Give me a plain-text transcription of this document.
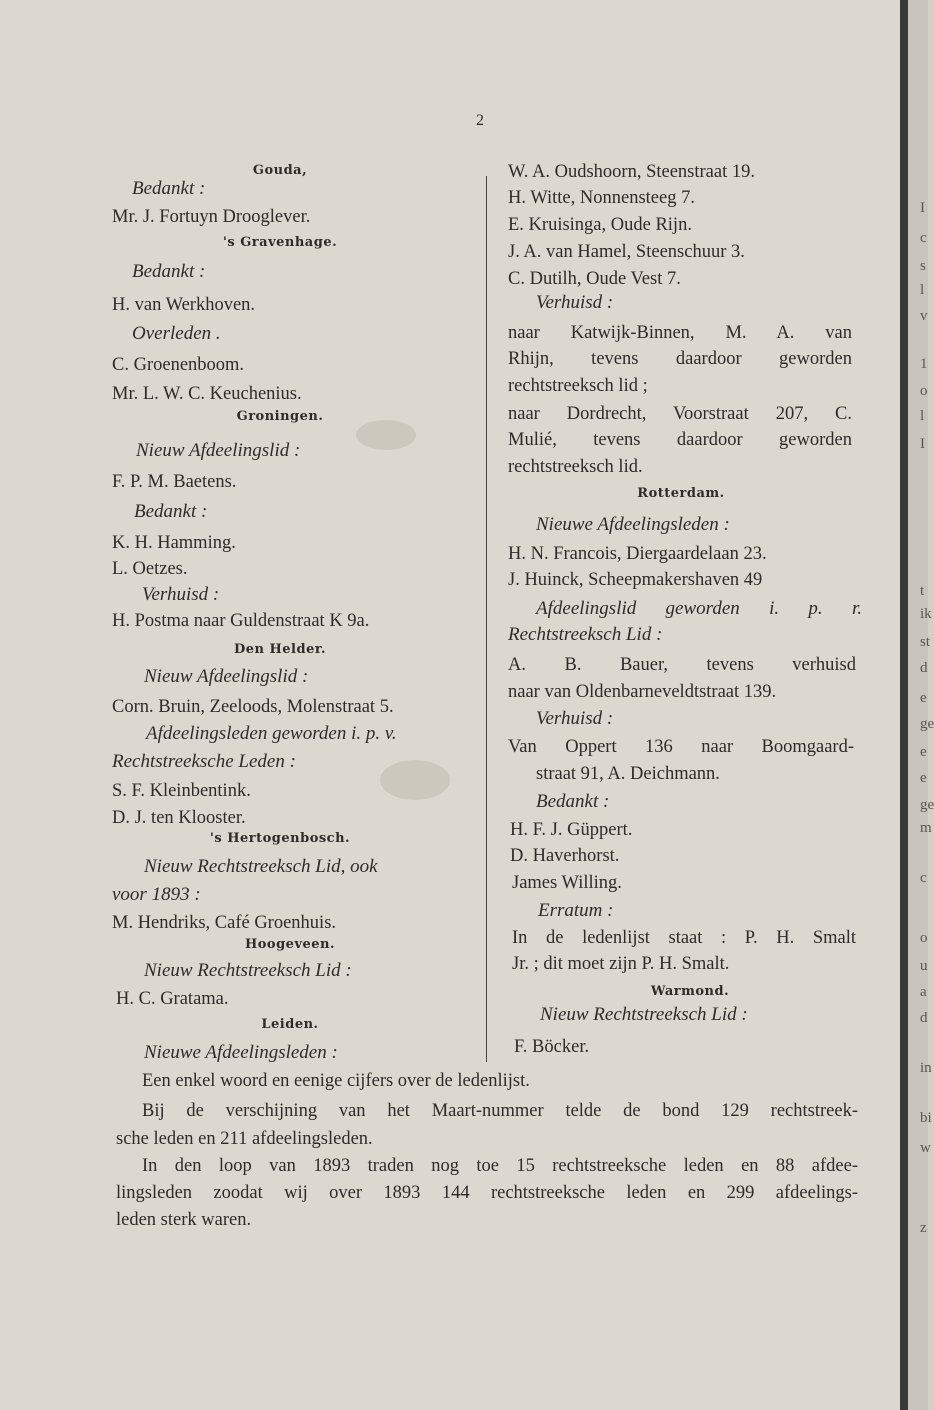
2
Gouda,
Bedankt :
Mr. J. Fortuyn Drooglever.
's Gravenhage.
Bedankt :
H. van Werkhoven.
Overleden .
C. Groenenboom.
Mr. L. W. C. Keuchenius.
Groningen.
Nieuw Afdeelingslid :
F. P. M. Baetens.
Bedankt :
K. H. Hamming.
L. Oetzes.
Verhuisd :
H. Postma naar Guldenstraat K 9a.
Den Helder.
Nieuw Afdeelingslid :
Corn. Bruin, Zeeloods, Molenstraat 5.
Afdeelingsleden geworden i. p. v.
Rechtstreeksche Leden :
S. F. Kleinbentink.
D. J. ten Klooster.
's Hertogenbosch.
Nieuw Rechtstreeksch Lid, ook
voor 1893 :
M. Hendriks, Café Groenhuis.
Hoogeveen.
Nieuw Rechtstreeksch Lid :
H. C. Gratama.
Leiden.
Nieuwe Afdeelingsleden :
W. A. Oudshoorn, Steenstraat 19.
H. Witte, Nonnensteeg 7.
E. Kruisinga, Oude Rijn.
J. A. van Hamel, Steenschuur 3.
C. Dutilh, Oude Vest 7.
Verhuisd :
naar Katwijk-Binnen, M. A. van
Rhijn, tevens daardoor geworden
rechtstreeksch lid ;
naar Dordrecht, Voorstraat 207, C.
Mulié, tevens daardoor geworden
rechtstreeksch lid.
Rotterdam.
Nieuwe Afdeelingsleden :
H. N. Francois, Diergaardelaan 23.
J. Huinck, Scheepmakershaven 49
Afdeelingslid geworden i. p. r.
Rechtstreeksch Lid :
A. B. Bauer, tevens verhuisd
naar van Oldenbarneveldtstraat 139.
Verhuisd :
Van Oppert 136 naar Boomgaard-
straat 91, A. Deichmann.
Bedankt :
H. F. J. Güppert.
D. Haverhorst.
James Willing.
Erratum :
In de ledenlijst staat : P. H. Smalt
Jr. ; dit moet zijn P. H. Smalt.
Warmond.
Nieuw Rechtstreeksch Lid :
F. Böcker.
Een enkel woord en eenige cijfers over de ledenlijst.
Bij de verschijning van het Maart-nummer telde de bond 129 rechtstreek-
sche leden en 211 afdeelingsleden.
In den loop van 1893 traden nog toe 15 rechtstreeksche leden en 88 afdee-
lingsleden zoodat wij over 1893 144 rechtstreeksche leden en 299 afdeelings-
leden sterk waren.
I
c
s
l
v
1
o
l
I
t
ik
st
d
e
ge
e
e
ge
m
c
o
u
a
d
in
bi
w
z
